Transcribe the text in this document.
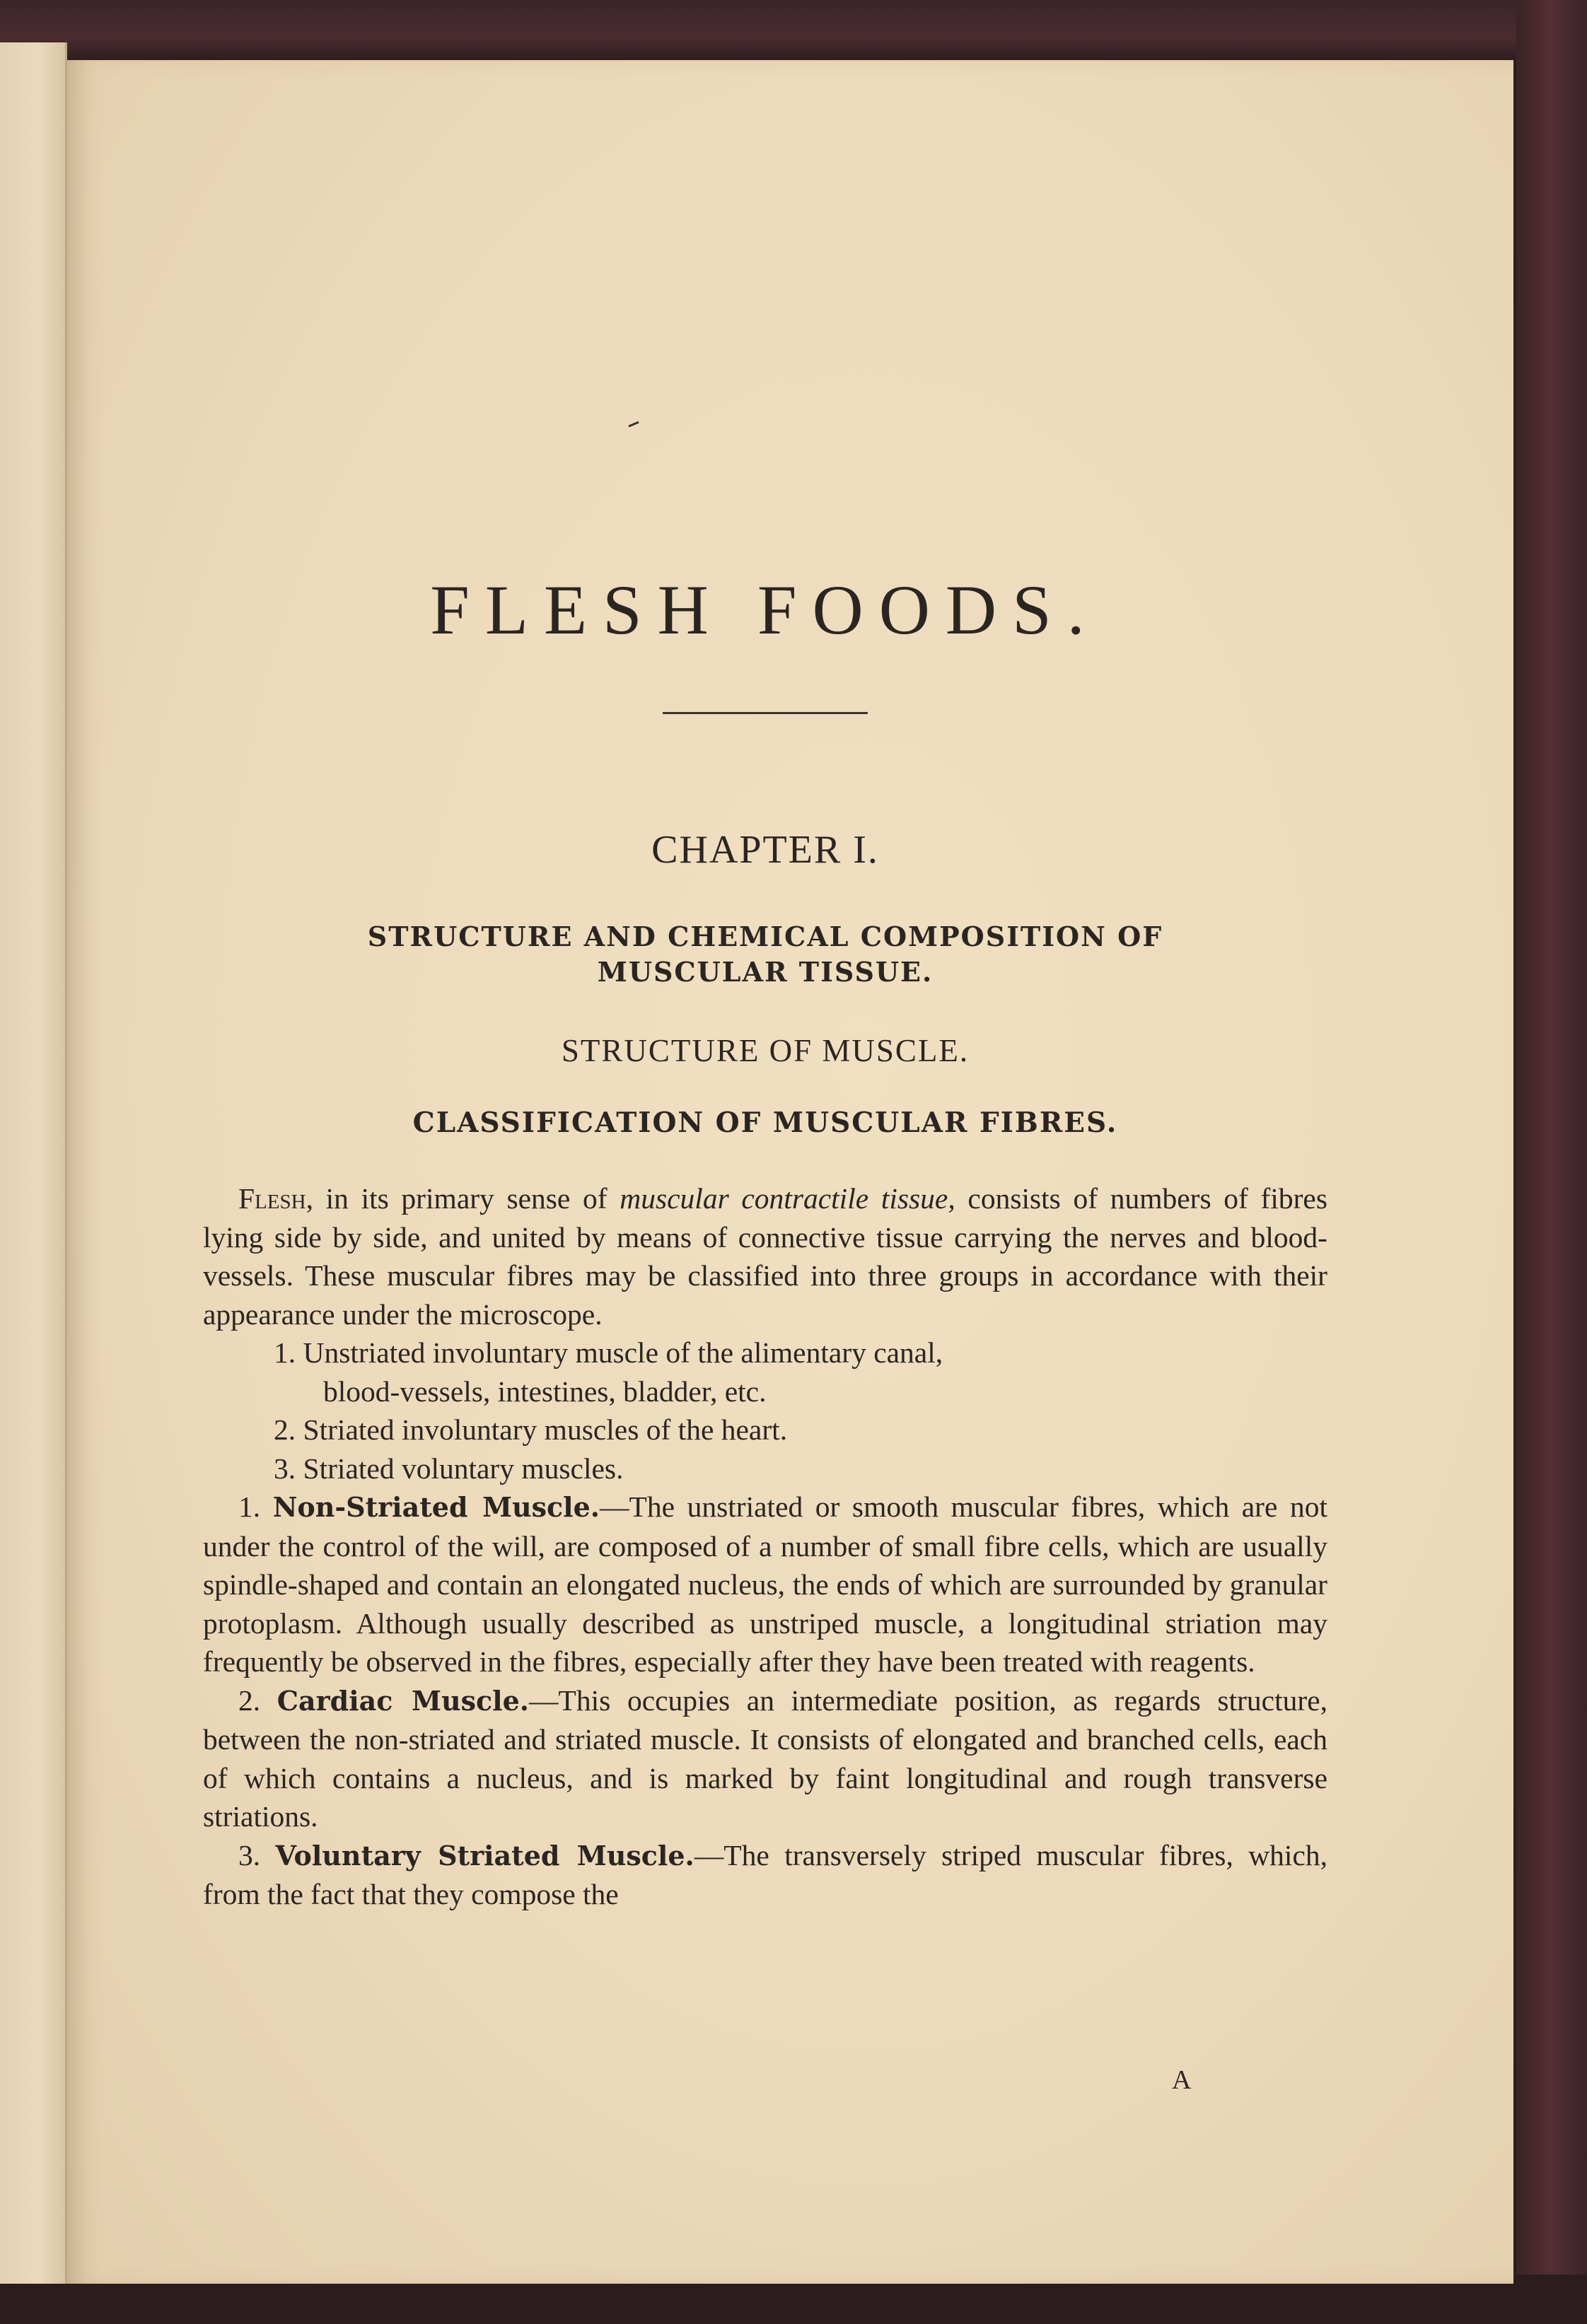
FLESH FOODS.
CHAPTER I.
STRUCTURE AND CHEMICAL COMPOSITION OF
MUSCULAR TISSUE.
STRUCTURE OF MUSCLE.
CLASSIFICATION OF MUSCULAR FIBRES.

Flesh, in its primary sense of muscular contractile tissue, consists of numbers of fibres lying side by side, and united by means of connective tissue carrying the nerves and blood-vessels. These muscular fibres may be classified into three groups in accordance with their appearance under the microscope.

1. Unstriated involuntary muscle of the alimentary canal,

blood-vessels, intestines, bladder, etc.

2. Striated involuntary muscles of the heart.

3. Striated voluntary muscles.

1. Non-Striated Muscle.—The unstriated or smooth muscular fibres, which are not under the control of the will, are composed of a number of small fibre cells, which are usually spindle-shaped and contain an elongated nucleus, the ends of which are surrounded by granular protoplasm. Although usually described as unstriped muscle, a longitudinal striation may frequently be observed in the fibres, especially after they have been treated with reagents.

2. Cardiac Muscle.—This occupies an intermediate position, as regards structure, between the non-striated and striated muscle. It consists of elongated and branched cells, each of which contains a nucleus, and is marked by faint longitudinal and rough transverse striations.

3. Voluntary Striated Muscle.—The transversely striped muscular fibres, which, from the fact that they compose the

A
